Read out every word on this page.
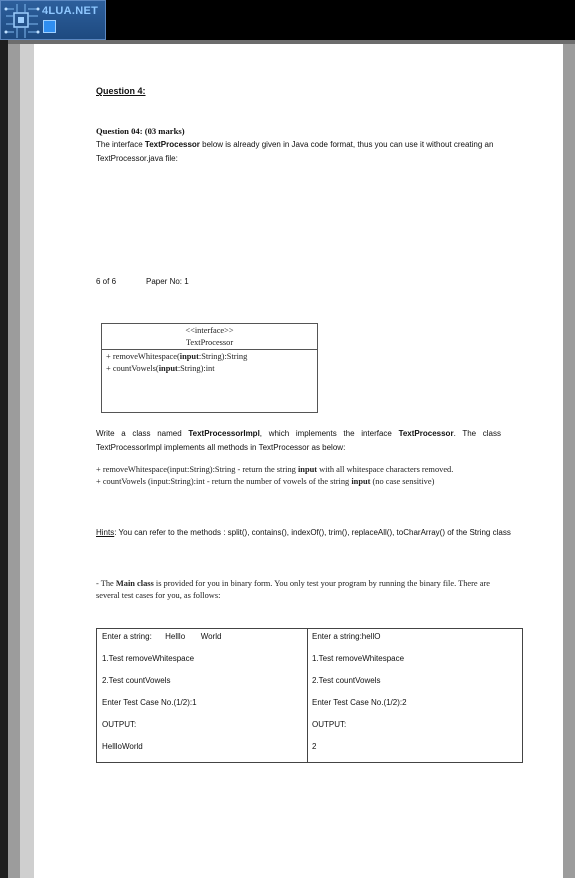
4LUA.NET
Question 4:
Question 04: (03 marks)
The interface TextProcessor below is already given in Java code format, thus you can use it without creating an TextProcessor.java file:
6 of 6	Paper No: 1
<<interface>>
TextProcessor
+ removeWhitespace(input:String):String
+ countVowels(input:String):int
Write a class named TextProcessorImpl, which implements the interface TextProcessor. The class TextProcessorImpl implements all methods in TextProcessor as below:
+ removeWhitespace(input:String):String - return the string input with all whitespace characters removed.
+ countVowels (input:String):int - return the number of vowels of the string input (no case sensitive)
Hints: You can refer to the methods : split(), contains(), indexOf(), trim(), replaceAll(), toCharArray() of the String class
- The Main class is provided for you in binary form. You only test your program by running the binary file. There are several test cases for you, as follows:
Enter a string:      Helllo       World
1.Test removeWhitespace
2.Test countVowels
Enter Test Case No.(1/2):1
OUTPUT:
HellloWorld
Enter a string:hellO
1.Test removeWhitespace
2.Test countVowels
Enter Test Case No.(1/2):2
OUTPUT:
2
